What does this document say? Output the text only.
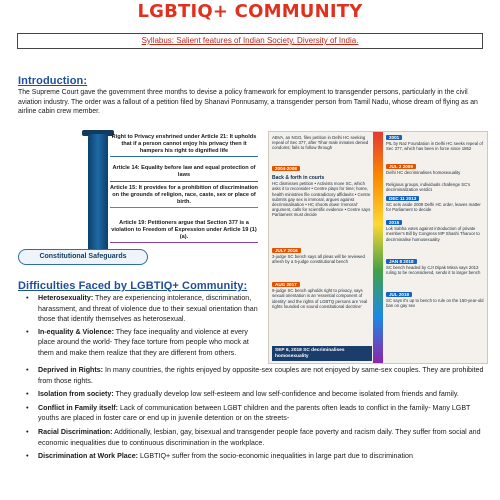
LGBTIQ+ COMMUNITY
Syllabus: Salient features of Indian Society, Diversity of India.
Introduction:
The Supreme Court gave the government three months to devise a policy framework for employment to transgender persons, particularly in the civil aviation industry. The order was a fallout of a petition filed by Shanavi Ponnusamy, a transgender person from Tamil Nadu, whose dream of flying as an airline cabin crew member.
Right to Privacy enshrined under Article 21: It upholds that if a person cannot enjoy his privacy then it hampers his right to dignified life
Article 14: Equality before law and equal protection of laws
Article 15: It provides for a prohibition of discrimination on the grounds of religion, race, caste, sex or place of birth.
Article 19: Petitioners argue that Section 377 is a violation to Freedom of Expression under Article 19 (1) (a).
Constitutional Safeguards
ABVA, an NGO, files petition in Delhi HC seeking repeal of Sec 377, after Tihar male inmates denied condoms; fails to follow through
2004-2008
Back & forth in courts
HC dismisses petition • Activists move SC, which asks it to reconsider • Centre plays for time; home, health ministries file contradictory affidavits • Centre submits gay sex is immoral, argues against decriminalisation • HC shoots down 'immoral' argument, calls for scientific evidence • Centre says Parliament must decide
JULY 2016
3-judge SC bench says all pleas will be reviewed afresh by a 5-judge constitutional bench
AUG 2017
9-judge SC bench upholds right to privacy, says sexual orientation is an 'essential component of identity' and the rights of LGBTQ persons are 'real rights founded on sound constitutional doctrine'
SEP 6, 2018 SC decriminalises homosexuality
2001
PIL by Naz Foundation in Delhi HC seeks repeal of Sec 377, which has been in force since 1862
JUL 2 2009
Delhi HC decriminalises homosexuality
Religious groups, individuals challenge SC's decriminalization verdict
DEC 11 2013
SC sets aside 2009 Delhi HC order, leaves matter for Parliament to decide
2015
Lok Sabha votes against introduction of private member's Bill by Congress MP Shashi Tharoor to decriminalise homosexuality
JAN 8 2018
SC bench headed by CJI Dipak Misra says 2013 ruling to be reconsidered, sends it to larger bench
JUL 2018
SC says it's up to bench to rule on the 150-year-old ban on gay sex
Difficulties Faced by LGBTIQ+ Community:
• Heterosexuality: They are experiencing intolerance, discrimination, harassment, and threat of violence due to their sexual orientation than those that identify themselves as heterosexual.
• In-equality & Violence: They face inequality and violence at every place around the world- They face torture from people who mock at them and make them realize that they are different from others.
• Deprived in Rights: In many countries, the rights enjoyed by opposite-sex couples are not enjoyed by same-sex couples. They are prohibited from those rights.
• Isolation from society: They gradually develop low self-esteem and low self-confidence and become isolated from friends and family.
• Conflict in Family itself: Lack of communication between LGBT children and the parents often leads to conflict in the family- Many LGBT youths are placed in foster care or end up in juvenile detention or on the streets-
• Racial Discrimination: Additionally, lesbian, gay, bisexual and transgender people face poverty and racism daily. They suffer from social and economic inequalities due to continuous discrimination in the workplace.
• Discrimination at Work Place: LGBTIQ+ suffer from the socio-economic inequalities in large part due to discrimination
